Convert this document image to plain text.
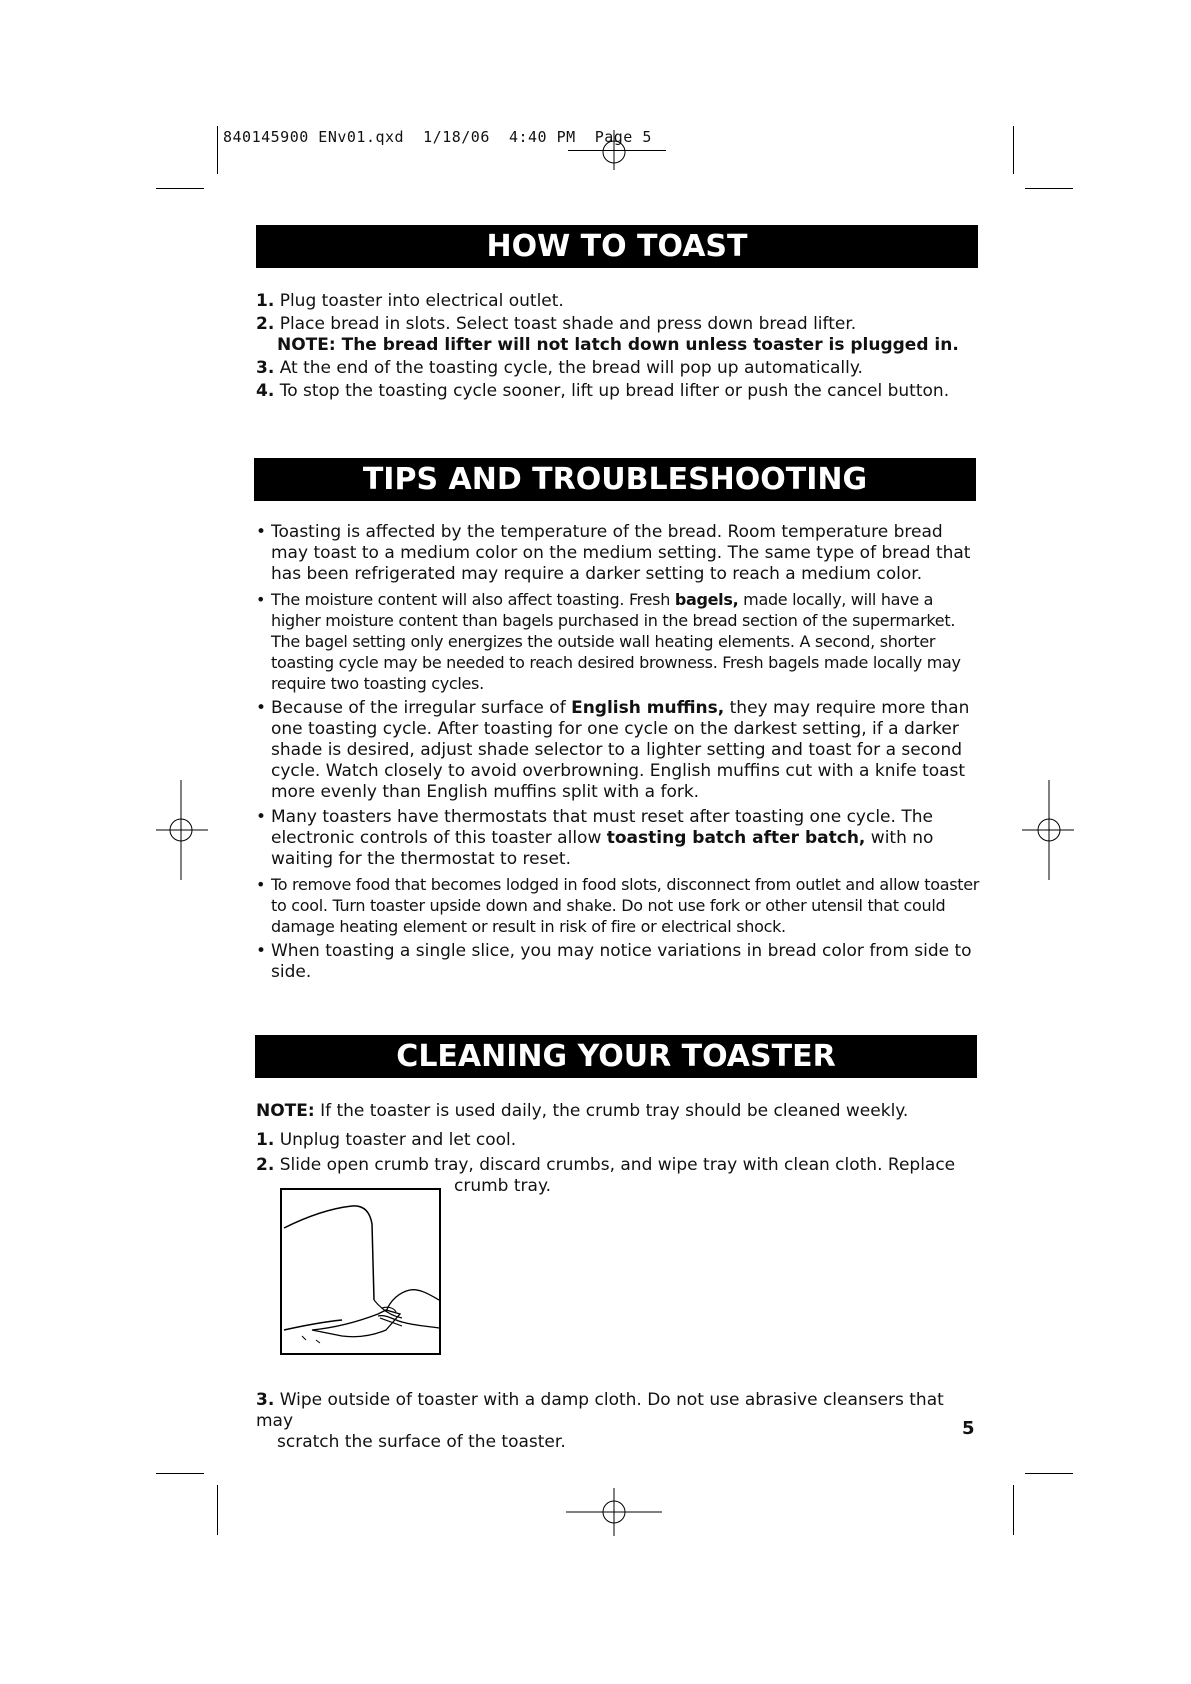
840145900 ENv01.qxd 1/18/06 4:40 PM Page 5
HOW TO TOAST

1. Plug toaster into electrical outlet.

2. Place bread in slots. Select toast shade and press down bread lifter.

NOTE: The bread lifter will not latch down unless toaster is plugged in.

3. At the end of the toasting cycle, the bread will pop up automatically.

4. To stop the toasting cycle sooner, lift up bread lifter or push the cancel button.

TIPS AND TROUBLESHOOTING
• Toasting is affected by the temperature of the bread. Room temperature bread may toast to a medium color on the medium setting. The same type of bread that has been refrigerated may require a darker setting to reach a medium color.
• The moisture content will also affect toasting. Fresh bagels, made locally, will have a higher moisture content than bagels purchased in the bread section of the supermarket. The bagel setting only energizes the outside wall heating elements. A second, shorter toasting cycle may be needed to reach desired browness. Fresh bagels made locally may require two toasting cycles.
• Because of the irregular surface of English muffins, they may require more than one toasting cycle. After toasting for one cycle on the darkest setting, if a darker shade is desired, adjust shade selector to a lighter setting and toast for a second cycle. Watch closely to avoid overbrowning. English muffins cut with a knife toast more evenly than English muffins split with a fork.
• Many toasters have thermostats that must reset after toasting one cycle. The electronic controls of this toaster allow toasting batch after batch, with no waiting for the thermostat to reset.
• To remove food that becomes lodged in food slots, disconnect from outlet and allow toaster to cool. Turn toaster upside down and shake. Do not use fork or other utensil that could damage heating element or result in risk of fire or electrical shock.
• When toasting a single slice, you may notice variations in bread color from side to side.
CLEANING YOUR TOASTER

NOTE: If the toaster is used daily, the crumb tray should be cleaned weekly.

1. Unplug toaster and let cool.

2. Slide open crumb tray, discard crumbs, and wipe tray with clean cloth. Replace

crumb tray.

3. Wipe outside of toaster with a damp cloth. Do not use abrasive cleansers that may

scratch the surface of the toaster.

5
